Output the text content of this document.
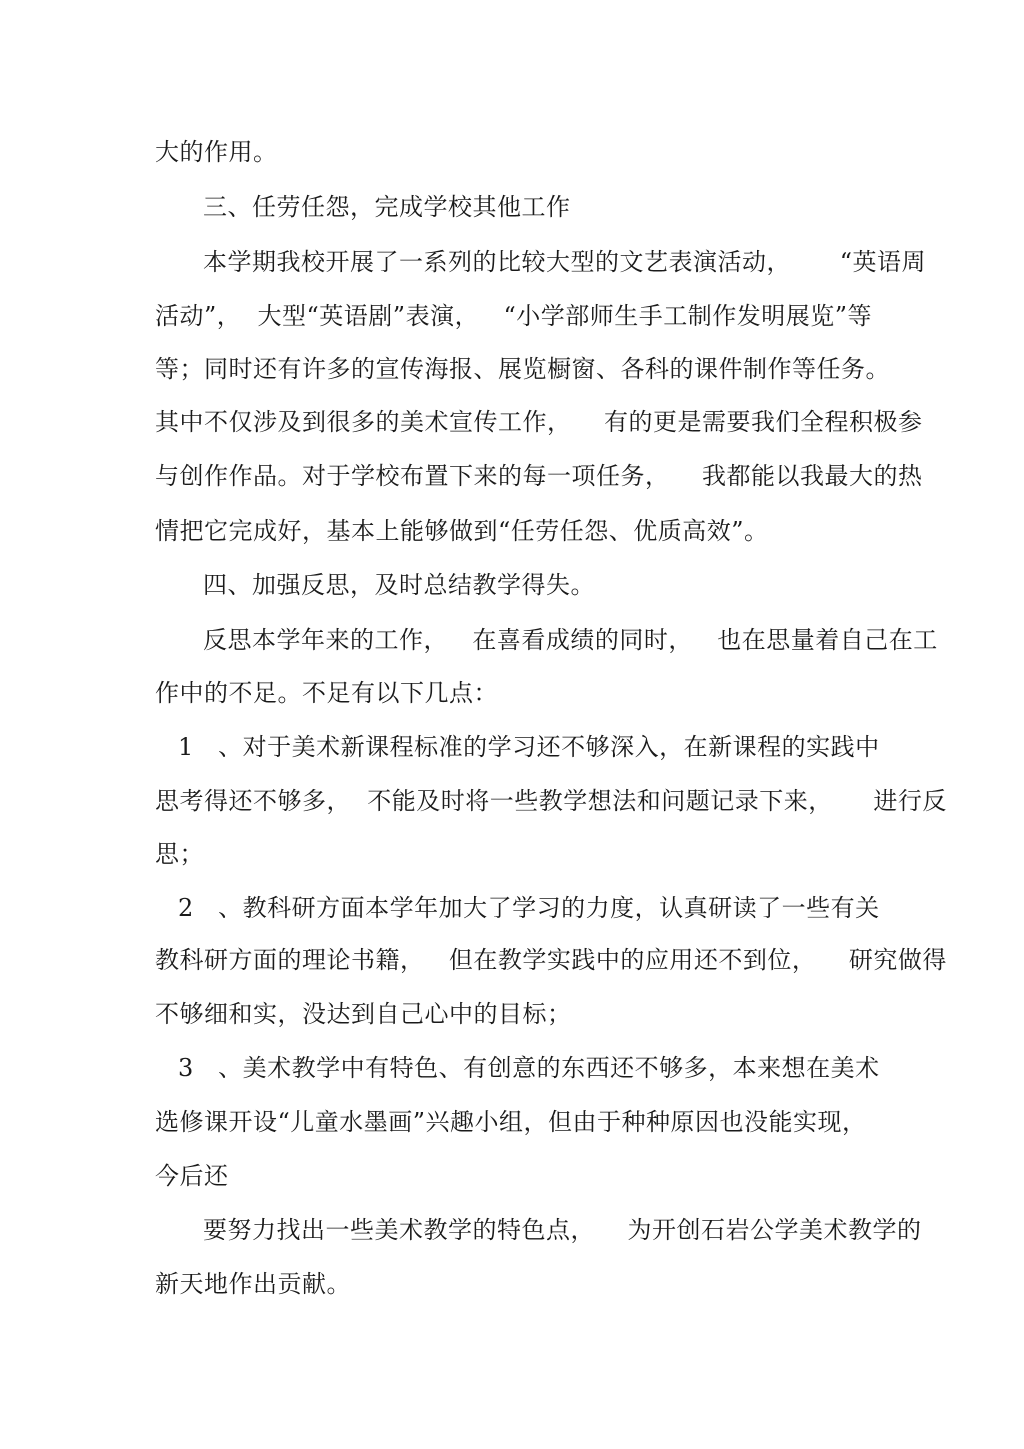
大的作用。
三、任劳任怨，完成学校其他工作
本学期我校开展了一系列的比较大型的文艺表演活动，      “英语周
活动”，  大型“英语剧”表演，   “小学部师生手工制作发明展览”等
等；同时还有许多的宣传海报、展览橱窗、各科的课件制作等任务。
其中不仅涉及到很多的美术宣传工作，    有的更是需要我们全程积极参
与创作作品。对于学校布置下来的每一项任务，    我都能以我最大的热
情把它完成好，基本上能够做到“任劳任怨、优质高效”。
四、加强反思，及时总结教学得失。
反思本学年来的工作，   在喜看成绩的同时，   也在思量着自己在工
作中的不足。不足有以下几点：
1   、对于美术新课程标准的学习还不够深入，在新课程的实践中
思考得还不够多，  不能及时将一些教学想法和问题记录下来，     进行反
思；
2   、教科研方面本学年加大了学习的力度，认真研读了一些有关
教科研方面的理论书籍，   但在教学实践中的应用还不到位，    研究做得
不够细和实，没达到自己心中的目标；
3   、美术教学中有特色、有创意的东西还不够多，本来想在美术
选修课开设“儿童水墨画”兴趣小组，但由于种种原因也没能实现，
今后还
要努力找出一些美术教学的特色点，    为开创石岩公学美术教学的
新天地作出贡献。
